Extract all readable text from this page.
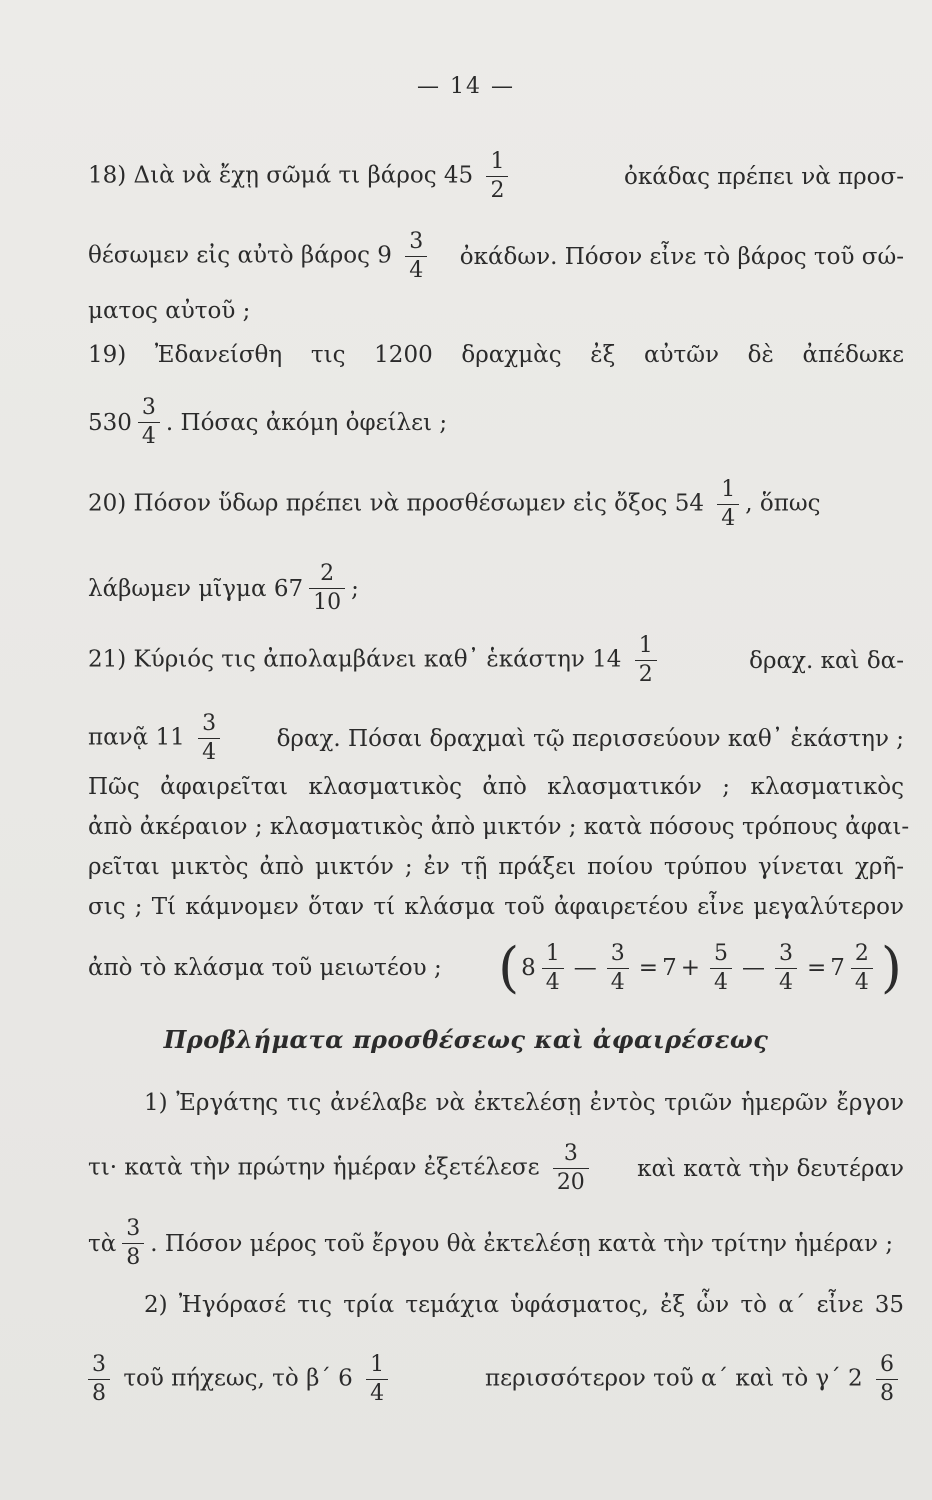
— 14 —
18) Διὰ νὰ ἔχῃ σῶμά τι βάρος $45 \frac{1}{2}$	ὀκάδας πρέπει νὰ προσ-
θέσωμεν εἰς αὐτὸ βάρος $9 \frac{3}{4}$ ὀκάδων. Πόσον εἶνε τὸ βάρος τοῦ σώ-
ματος αὐτοῦ ;
19) Ἐδανείσθη τις 1200 δραχμὰς ἐξ αὐτῶν δὲ ἀπέδωκε
$530 \frac{3}{4}$ . Πόσας ἀκόμη ὀφείλει ;
20) Πόσον ὕδωρ πρέπει νὰ προσθέσωμεν εἰς ὄξος $54 \frac{1}{4}$ , ὅπως
λάβωμεν μῖγμα $67 \frac{2}{10}$ ;
21) Κύριός τις ἀπολαμβάνει καθ᾽ ἑκάστην $14 \frac{1}{2}$	δραχ. καὶ δα-
πανᾷ $11 \frac{3}{4} \delta\rho\alpha\chi$. Πόσαι δραχμαὶ τῷ περισσεύουν καθ᾽ ἑκάστην ;
Πῶς ἀφαιρεῖται κλασματικὸς ἀπὸ κλασματικόν ; κλασματικὸς
ἀπὸ ἀκέραιον ; κλασματικὸς ἀπὸ μικτόν ; κατὰ πόσους τρόπους ἀφαι-
ρεῖται μικτὸς ἀπὸ μικτόν ; ἐν τῇ πράξει ποίου τρύπου γίνεται χρῆ-
σις ; Τί κάμνομεν ὅταν τί κλάσμα τοῦ ἀφαιρετέου εἶνε μεγαλύτερον
ἀπὸ τὸ κλάσμα τοῦ μειωτέου ; ( $8 \frac{1}{4}$ — $\frac{3}{4} = 7 + \frac{5}{4}$ — $\frac{3}{4} = 7 \frac{2}{4}$ )
Προβλήματα προσθέσεως καὶ ἀφαιρέσεως
1) Ἐργάτης τις ἀνέλαβε νὰ ἐκτελέσῃ ἐντὸς τριῶν ἡμερῶν ἔργον
τι· κατὰ τὴν πρώτην ἡμέραν ἐξετέλεσε $\frac{3}{20}$ καὶ κατὰ τὴν δευτέραν
τὰ $\frac{3}{8}$ . Πόσον μέρος τοῦ ἔργου θὰ ἐκτελέσῃ κατὰ τὴν τρίτην ἡμέραν ;
2) Ἠγόρασέ τις τρία τεμάχια ὑφάσματος, ἐξ ὧν τὸ α΄ εἶνε 35
$\frac{3}{8}$ τοῦ πήχεως, τὸ β΄ $6 \frac{1}{4}$	περισσότερον τοῦ α΄ καὶ τὸ γ΄ $2 \frac{6}{8}$
